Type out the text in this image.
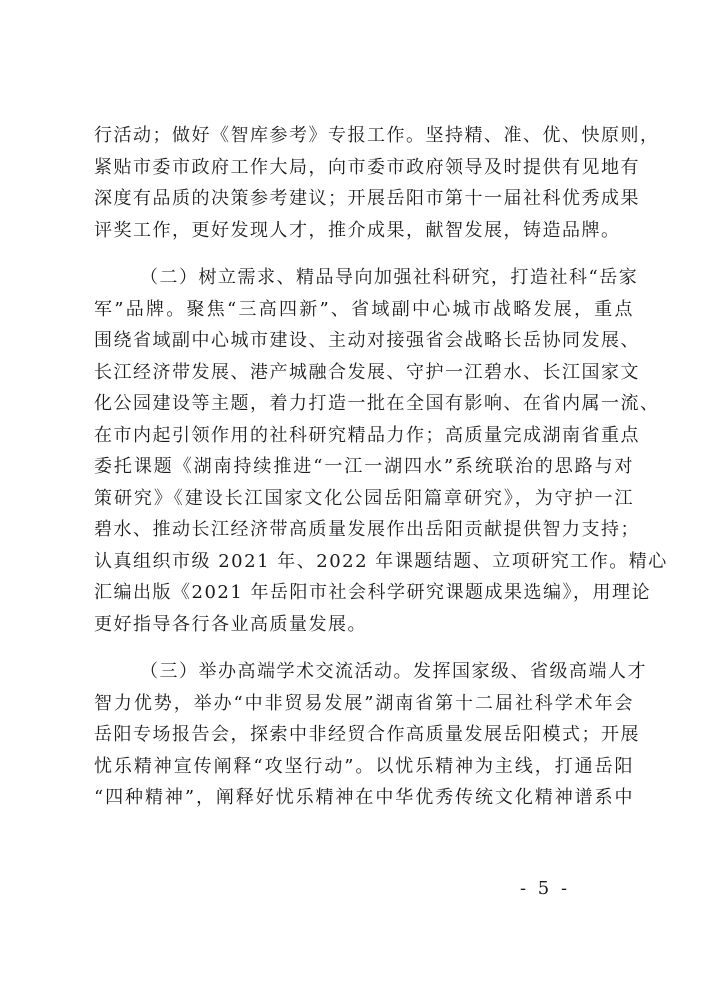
行活动；做好《智库参考》专报工作。坚持精、准、优、快原则，
紧贴市委市政府工作大局，向市委市政府领导及时提供有见地有
深度有品质的决策参考建议；开展岳阳市第十一届社科优秀成果
评奖工作，更好发现人才，推介成果，献智发展，铸造品牌。

（二）树立需求、精品导向加强社科研究，打造社科“岳家
军”品牌。聚焦“三高四新”、省域副中心城市战略发展，重点
围绕省域副中心城市建设、主动对接强省会战略长岳协同发展、
长江经济带发展、港产城融合发展、守护一江碧水、长江国家文
化公园建设等主题，着力打造一批在全国有影响、在省内属一流、
在市内起引领作用的社科研究精品力作；高质量完成湖南省重点
委托课题《湖南持续推进“一江一湖四水”系统联治的思路与对
策研究》《建设长江国家文化公园岳阳篇章研究》，为守护一江
碧水、推动长江经济带高质量发展作出岳阳贡献提供智力支持；
认真组织市级 2021 年、2022 年课题结题、立项研究工作。精心
汇编出版《2021 年岳阳市社会科学研究课题成果选编》，用理论
更好指导各行各业高质量发展。

（三）举办高端学术交流活动。发挥国家级、省级高端人才
智力优势，举办“中非贸易发展”湖南省第十二届社科学术年会
岳阳专场报告会，探索中非经贸合作高质量发展岳阳模式；开展
忧乐精神宣传阐释“攻坚行动”。以忧乐精神为主线，打通岳阳
“四种精神”，阐释好忧乐精神在中华优秀传统文化精神谱系中

- 5 -
